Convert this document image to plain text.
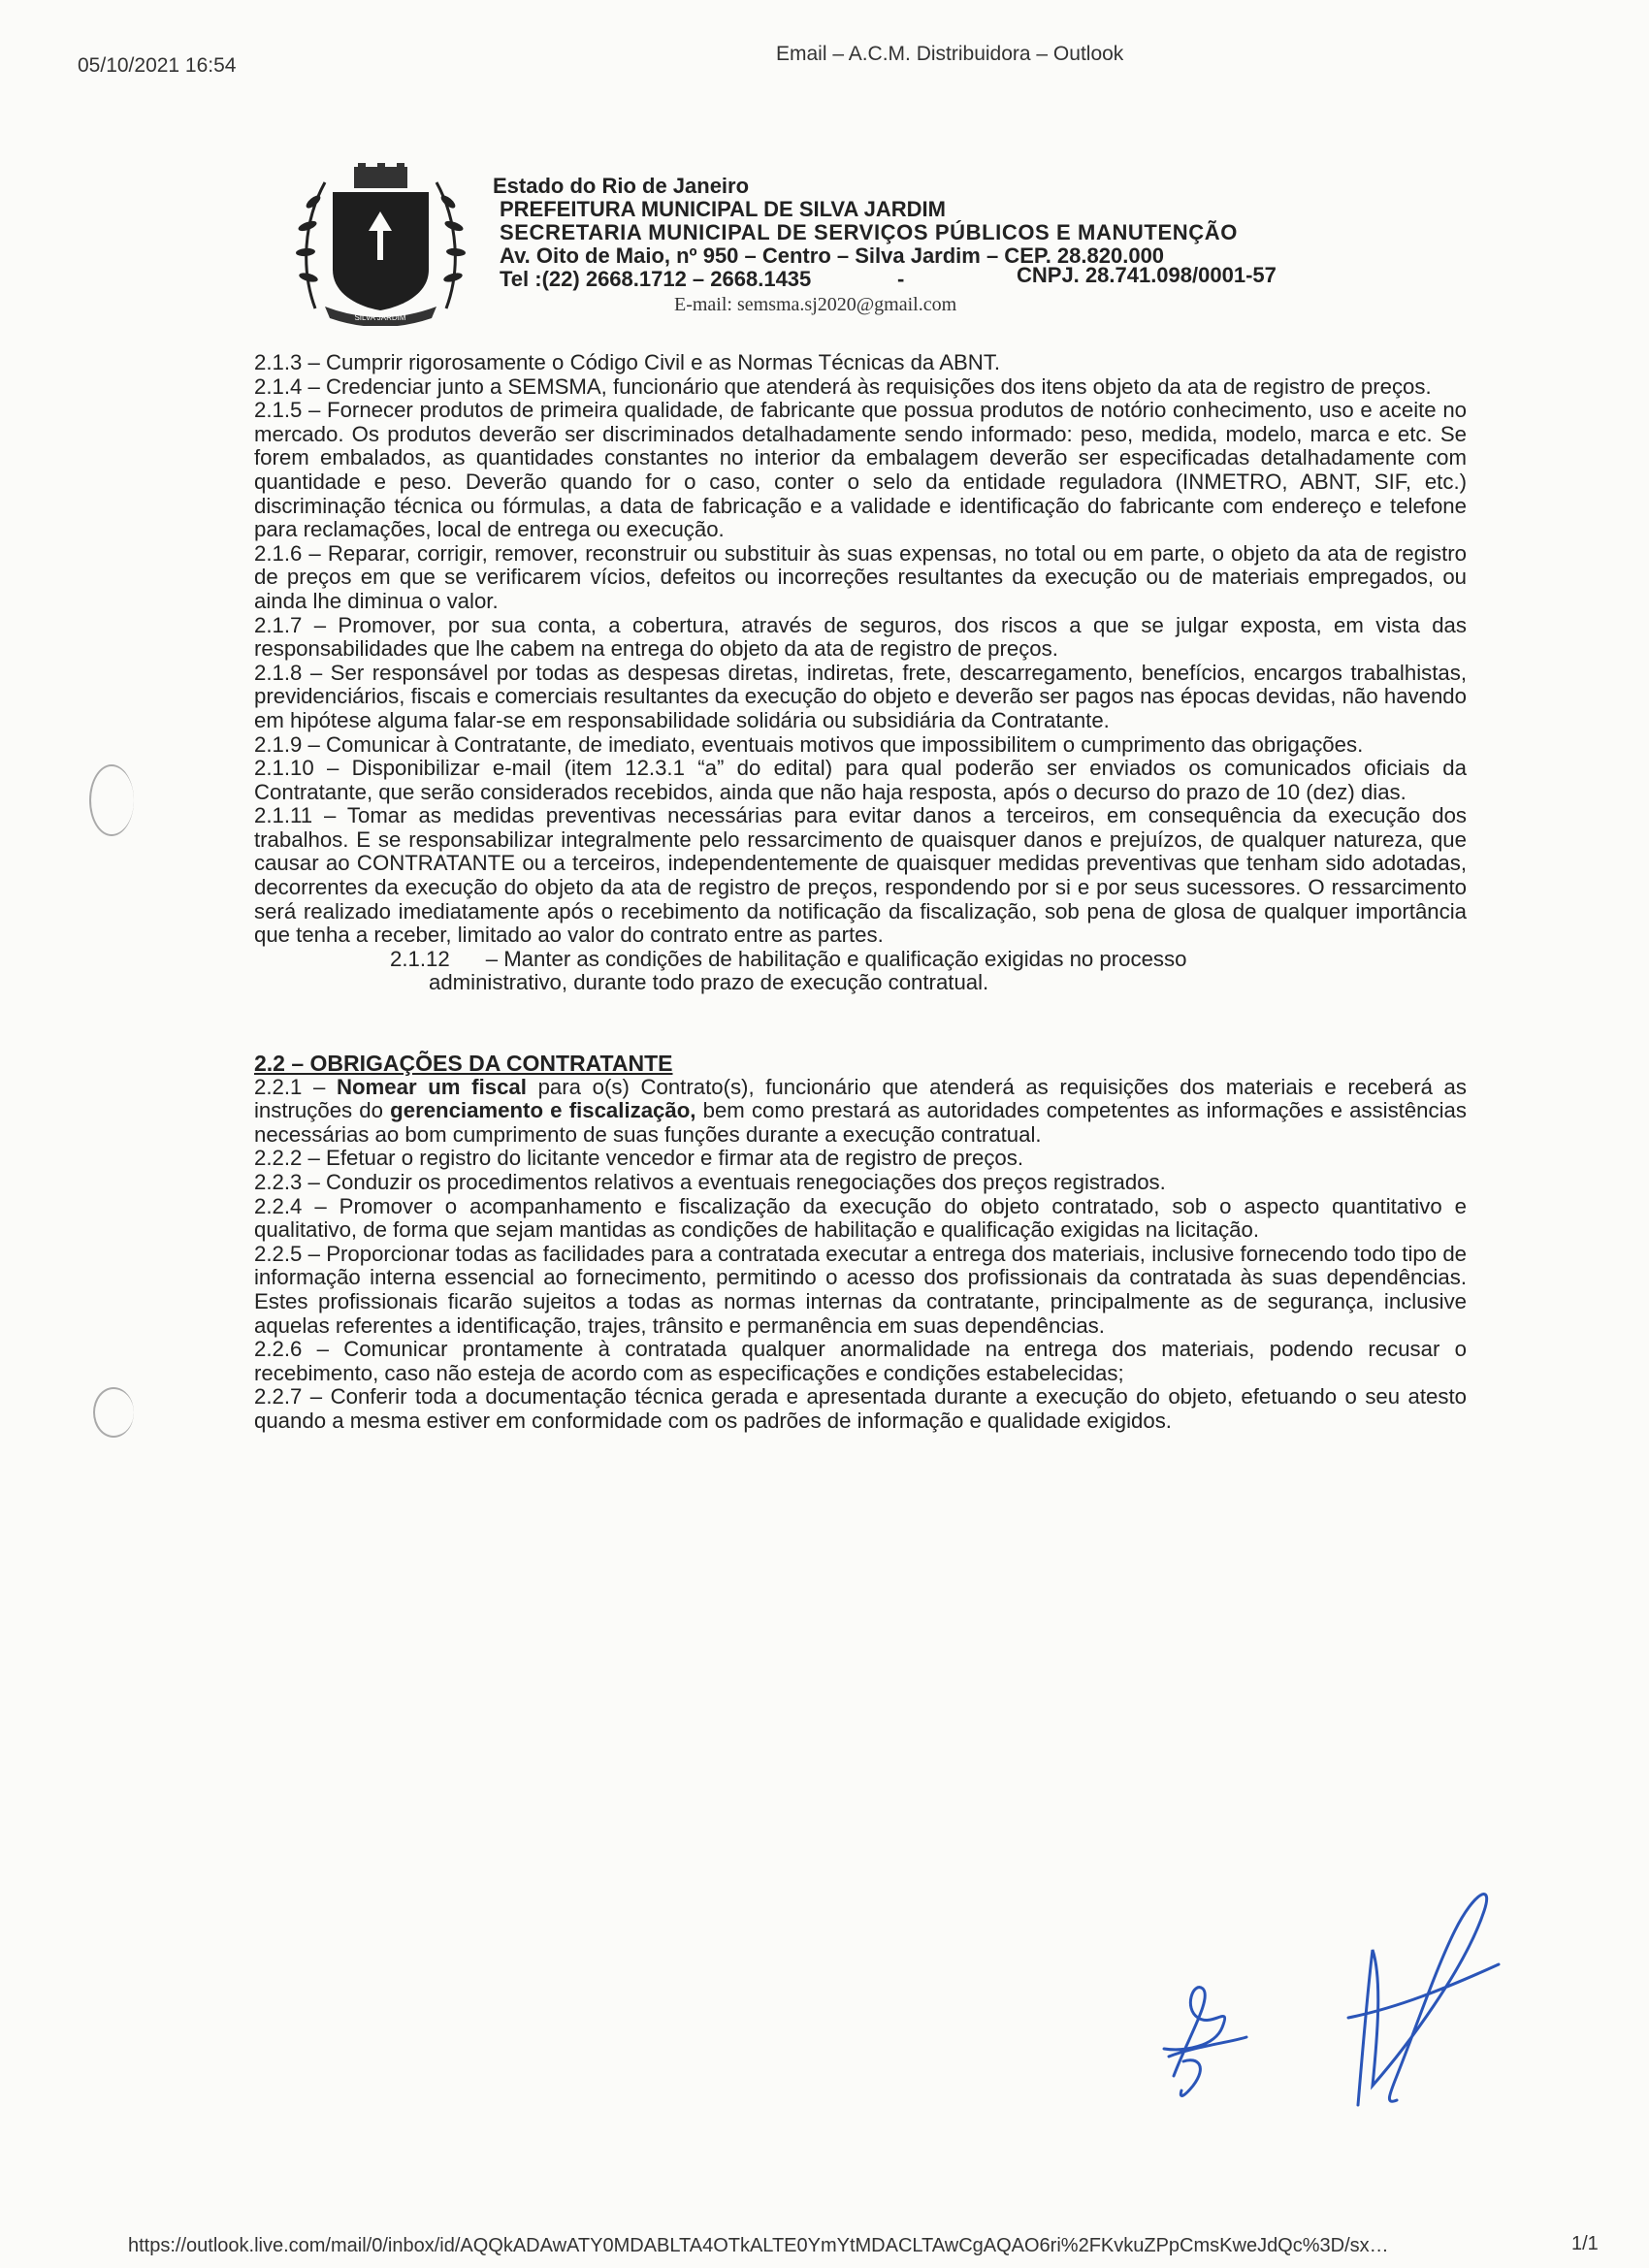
05/10/2021 16:54
Email – A.C.M. Distribuidora – Outlook
SILVA JARDIM
Estado do Rio de Janeiro
PREFEITURA MUNICIPAL DE SILVA JARDIM
SECRETARIA MUNICIPAL DE SERVIÇOS PÚBLICOS E MANUTENÇÃO
Av. Oito de Maio, nº 950 – Centro – Silva Jardim – CEP. 28.820.000
Tel :(22) 2668.1712 – 2668.1435	-	CNPJ. 28.741.098/0001-57
E-mail: semsma.sj2020@gmail.com

2.1.3 – Cumprir rigorosamente o Código Civil e as Normas Técnicas da ABNT.

2.1.4 – Credenciar junto a SEMSMA, funcionário que atenderá às requisições dos itens objeto da ata de registro de preços.

2.1.5 – Fornecer produtos de primeira qualidade, de fabricante que possua produtos de notório conhecimento, uso e aceite no mercado. Os produtos deverão ser discriminados detalhadamente sendo informado: peso, medida, modelo, marca e etc. Se forem embalados, as quantidades constantes no interior da embalagem deverão ser especificadas detalhadamente com quantidade e peso. Deverão quando for o caso, conter o selo da entidade reguladora (INMETRO, ABNT, SIF, etc.) discriminação técnica ou fórmulas, a data de fabricação e a validade e identificação do fabricante com endereço e telefone para reclamações, local de entrega ou execução.

2.1.6 – Reparar, corrigir, remover, reconstruir ou substituir às suas expensas, no total ou em parte, o objeto da ata de registro de preços em que se verificarem vícios, defeitos ou incorreções resultantes da execução ou de materiais empregados, ou ainda lhe diminua o valor.

2.1.7 – Promover, por sua conta, a cobertura, através de seguros, dos riscos a que se julgar exposta, em vista das responsabilidades que lhe cabem na entrega do objeto da ata de registro de preços.

2.1.8 – Ser responsável por todas as despesas diretas, indiretas, frete, descarregamento, benefícios, encargos trabalhistas, previdenciários, fiscais e comerciais resultantes da execução do objeto e deverão ser pagos nas épocas devidas, não havendo em hipótese alguma falar-se em responsabilidade solidária ou subsidiária da Contratante.

2.1.9 – Comunicar à Contratante, de imediato, eventuais motivos que impossibilitem o cumprimento das obrigações.

2.1.10 – Disponibilizar e-mail (item 12.3.1 “a” do edital) para qual poderão ser enviados os comunicados oficiais da Contratante, que serão considerados recebidos, ainda que não haja resposta, após o decurso do prazo de 10 (dez) dias.

2.1.11 – Tomar as medidas preventivas necessárias para evitar danos a terceiros, em consequência da execução dos trabalhos. E se responsabilizar integralmente pelo ressarcimento de quaisquer danos e prejuízos, de qualquer natureza, que causar ao CONTRATANTE ou a terceiros, independentemente de quaisquer medidas preventivas que tenham sido adotadas, decorrentes da execução do objeto da ata de registro de preços, respondendo por si e por seus sucessores. O ressarcimento será realizado imediatamente após o recebimento da notificação da fiscalização, sob pena de glosa de qualquer importância que tenha a receber, limitado ao valor do contrato entre as partes.

2.1.12 – Manter as condições de habilitação e qualificação exigidas no processo
administrativo, durante todo prazo de execução contratual.

2.2 – OBRIGAÇÕES DA CONTRATANTE

2.2.1 – Nomear um fiscal para o(s) Contrato(s), funcionário que atenderá as requisições dos materiais e receberá as instruções do gerenciamento e fiscalização, bem como prestará as autoridades competentes as informações e assistências necessárias ao bom cumprimento de suas funções durante a execução contratual.

2.2.2 – Efetuar o registro do licitante vencedor e firmar ata de registro de preços.

2.2.3 – Conduzir os procedimentos relativos a eventuais renegociações dos preços registrados.

2.2.4 – Promover o acompanhamento e fiscalização da execução do objeto contratado, sob o aspecto quantitativo e qualitativo, de forma que sejam mantidas as condições de habilitação e qualificação exigidas na licitação.

2.2.5 – Proporcionar todas as facilidades para a contratada executar a entrega dos materiais, inclusive fornecendo todo tipo de informação interna essencial ao fornecimento, permitindo o acesso dos profissionais da contratada às suas dependências. Estes profissionais ficarão sujeitos a todas as normas internas da contratante, principalmente as de segurança, inclusive aquelas referentes a identificação, trajes, trânsito e permanência em suas dependências.

2.2.6 – Comunicar prontamente à contratada qualquer anormalidade na entrega dos materiais, podendo recusar o recebimento, caso não esteja de acordo com as especificações e condições estabelecidas;

2.2.7 – Conferir toda a documentação técnica gerada e apresentada durante a execução do objeto, efetuando o seu atesto quando a mesma estiver em conformidade com os padrões de informação e qualidade exigidos.

https://outlook.live.com/mail/0/inbox/id/AQQkADAwATY0MDABLTA4OTkALTE0YmYtMDACLTAwCgAQAO6ri%2FKvkuZPpCmsKweJdQc%3D/sx…	1/1
